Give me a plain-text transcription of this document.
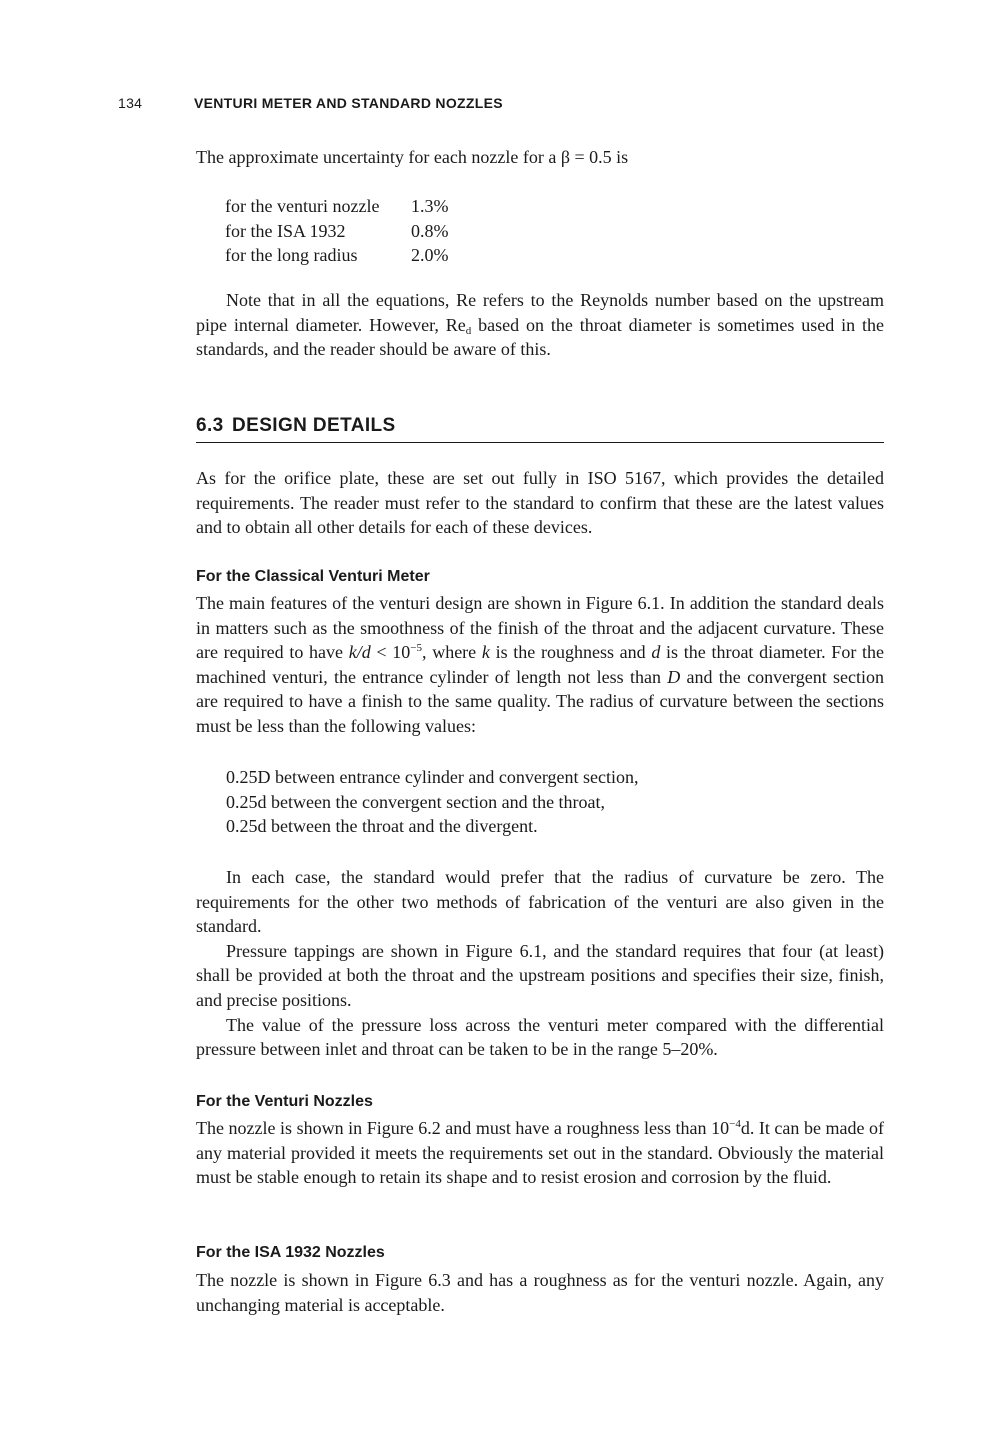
134	VENTURI METER AND STANDARD NOZZLES

The approximate uncertainty for each nozzle for a β = 0.5 is

for the venturi nozzle	1.3%
for the ISA 1932	0.8%
for the long radius	2.0%

Note that in all the equations, Re refers to the Reynolds number based on the upstream pipe internal diameter. However, $Re_d$ based on the throat diameter is sometimes used in the standards, and the reader should be aware of this.

6.3 DESIGN DETAILS

As for the orifice plate, these are set out fully in ISO 5167, which provides the detailed requirements. The reader must refer to the standard to confirm that these are the latest values and to obtain all other details for each of these devices.

For the Classical Venturi Meter

The main features of the venturi design are shown in Figure 6.1. In addition the standard deals in matters such as the smoothness of the finish of the throat and the adjacent curvature. These are required to have $k/d < 10^{-5}$, where k is the roughness and d is the throat diameter. For the machined venturi, the entrance cylinder of length not less than D and the convergent section are required to have a finish to the same quality. The radius of curvature between the sections must be less than the following values:

0.25D between entrance cylinder and convergent section,
0.25d between the convergent section and the throat,
0.25d between the throat and the divergent.

In each case, the standard would prefer that the radius of curvature be zero. The requirements for the other two methods of fabrication of the venturi are also given in the standard.

Pressure tappings are shown in Figure 6.1, and the standard requires that four (at least) shall be provided at both the throat and the upstream positions and specifies their size, finish, and precise positions.

The value of the pressure loss across the venturi meter compared with the differential pressure between inlet and throat can be taken to be in the range 5–20%.

For the Venturi Nozzles

The nozzle is shown in Figure 6.2 and must have a roughness less than $10^{-4}d$. It can be made of any material provided it meets the requirements set out in the standard. Obviously the material must be stable enough to retain its shape and to resist erosion and corrosion by the fluid.

For the ISA 1932 Nozzles

The nozzle is shown in Figure 6.3 and has a roughness as for the venturi nozzle. Again, any unchanging material is acceptable.
